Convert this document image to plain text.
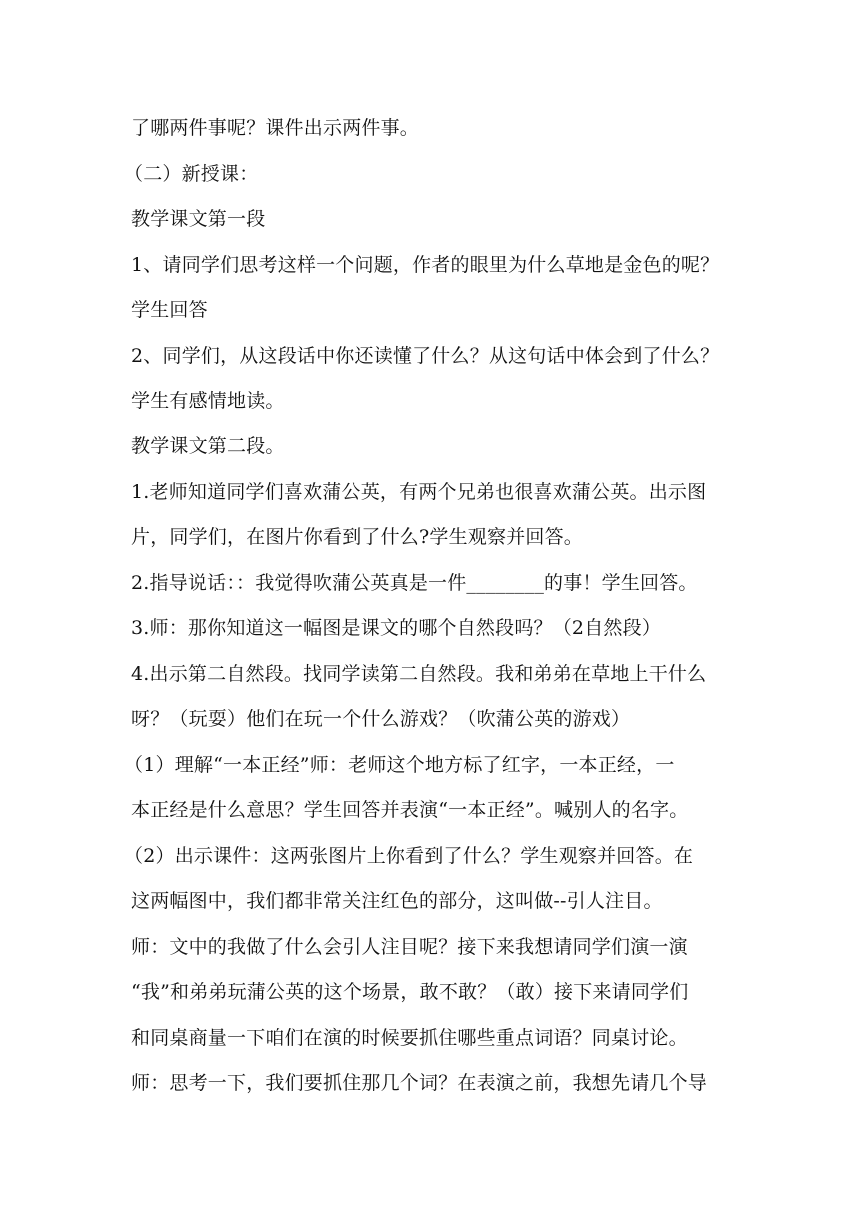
了哪两件事呢？课件出示两件事。
（二）新授课：
教学课文第一段
1、请同学们思考这样一个问题，作者的眼里为什么草地是金色的呢？
学生回答
2、同学们，从这段话中你还读懂了什么？从这句话中体会到了什么？
学生有感情地读。
教学课文第二段。
1.老师知道同学们喜欢蒲公英，有两个兄弟也很喜欢蒲公英。出示图
片，同学们，在图片你看到了什么?学生观察并回答。
2.指导说话：：我觉得吹蒲公英真是一件________的事！学生回答。
3.师：那你知道这一幅图是课文的哪个自然段吗？（2自然段）
4.出示第二自然段。找同学读第二自然段。我和弟弟在草地上干什么
呀？（玩耍）他们在玩一个什么游戏？（吹蒲公英的游戏）
（1）理解“一本正经”师：老师这个地方标了红字，一本正经，一
本正经是什么意思？学生回答并表演“一本正经”。喊别人的名字。
（2）出示课件：这两张图片上你看到了什么？学生观察并回答。在
这两幅图中，我们都非常关注红色的部分，这叫做--引人注目。
师：文中的我做了什么会引人注目呢？接下来我想请同学们演一演
“我”和弟弟玩蒲公英的这个场景，敢不敢？（敢）接下来请同学们
和同桌商量一下咱们在演的时候要抓住哪些重点词语？同桌讨论。
师：思考一下，我们要抓住那几个词？在表演之前，我想先请几个导
